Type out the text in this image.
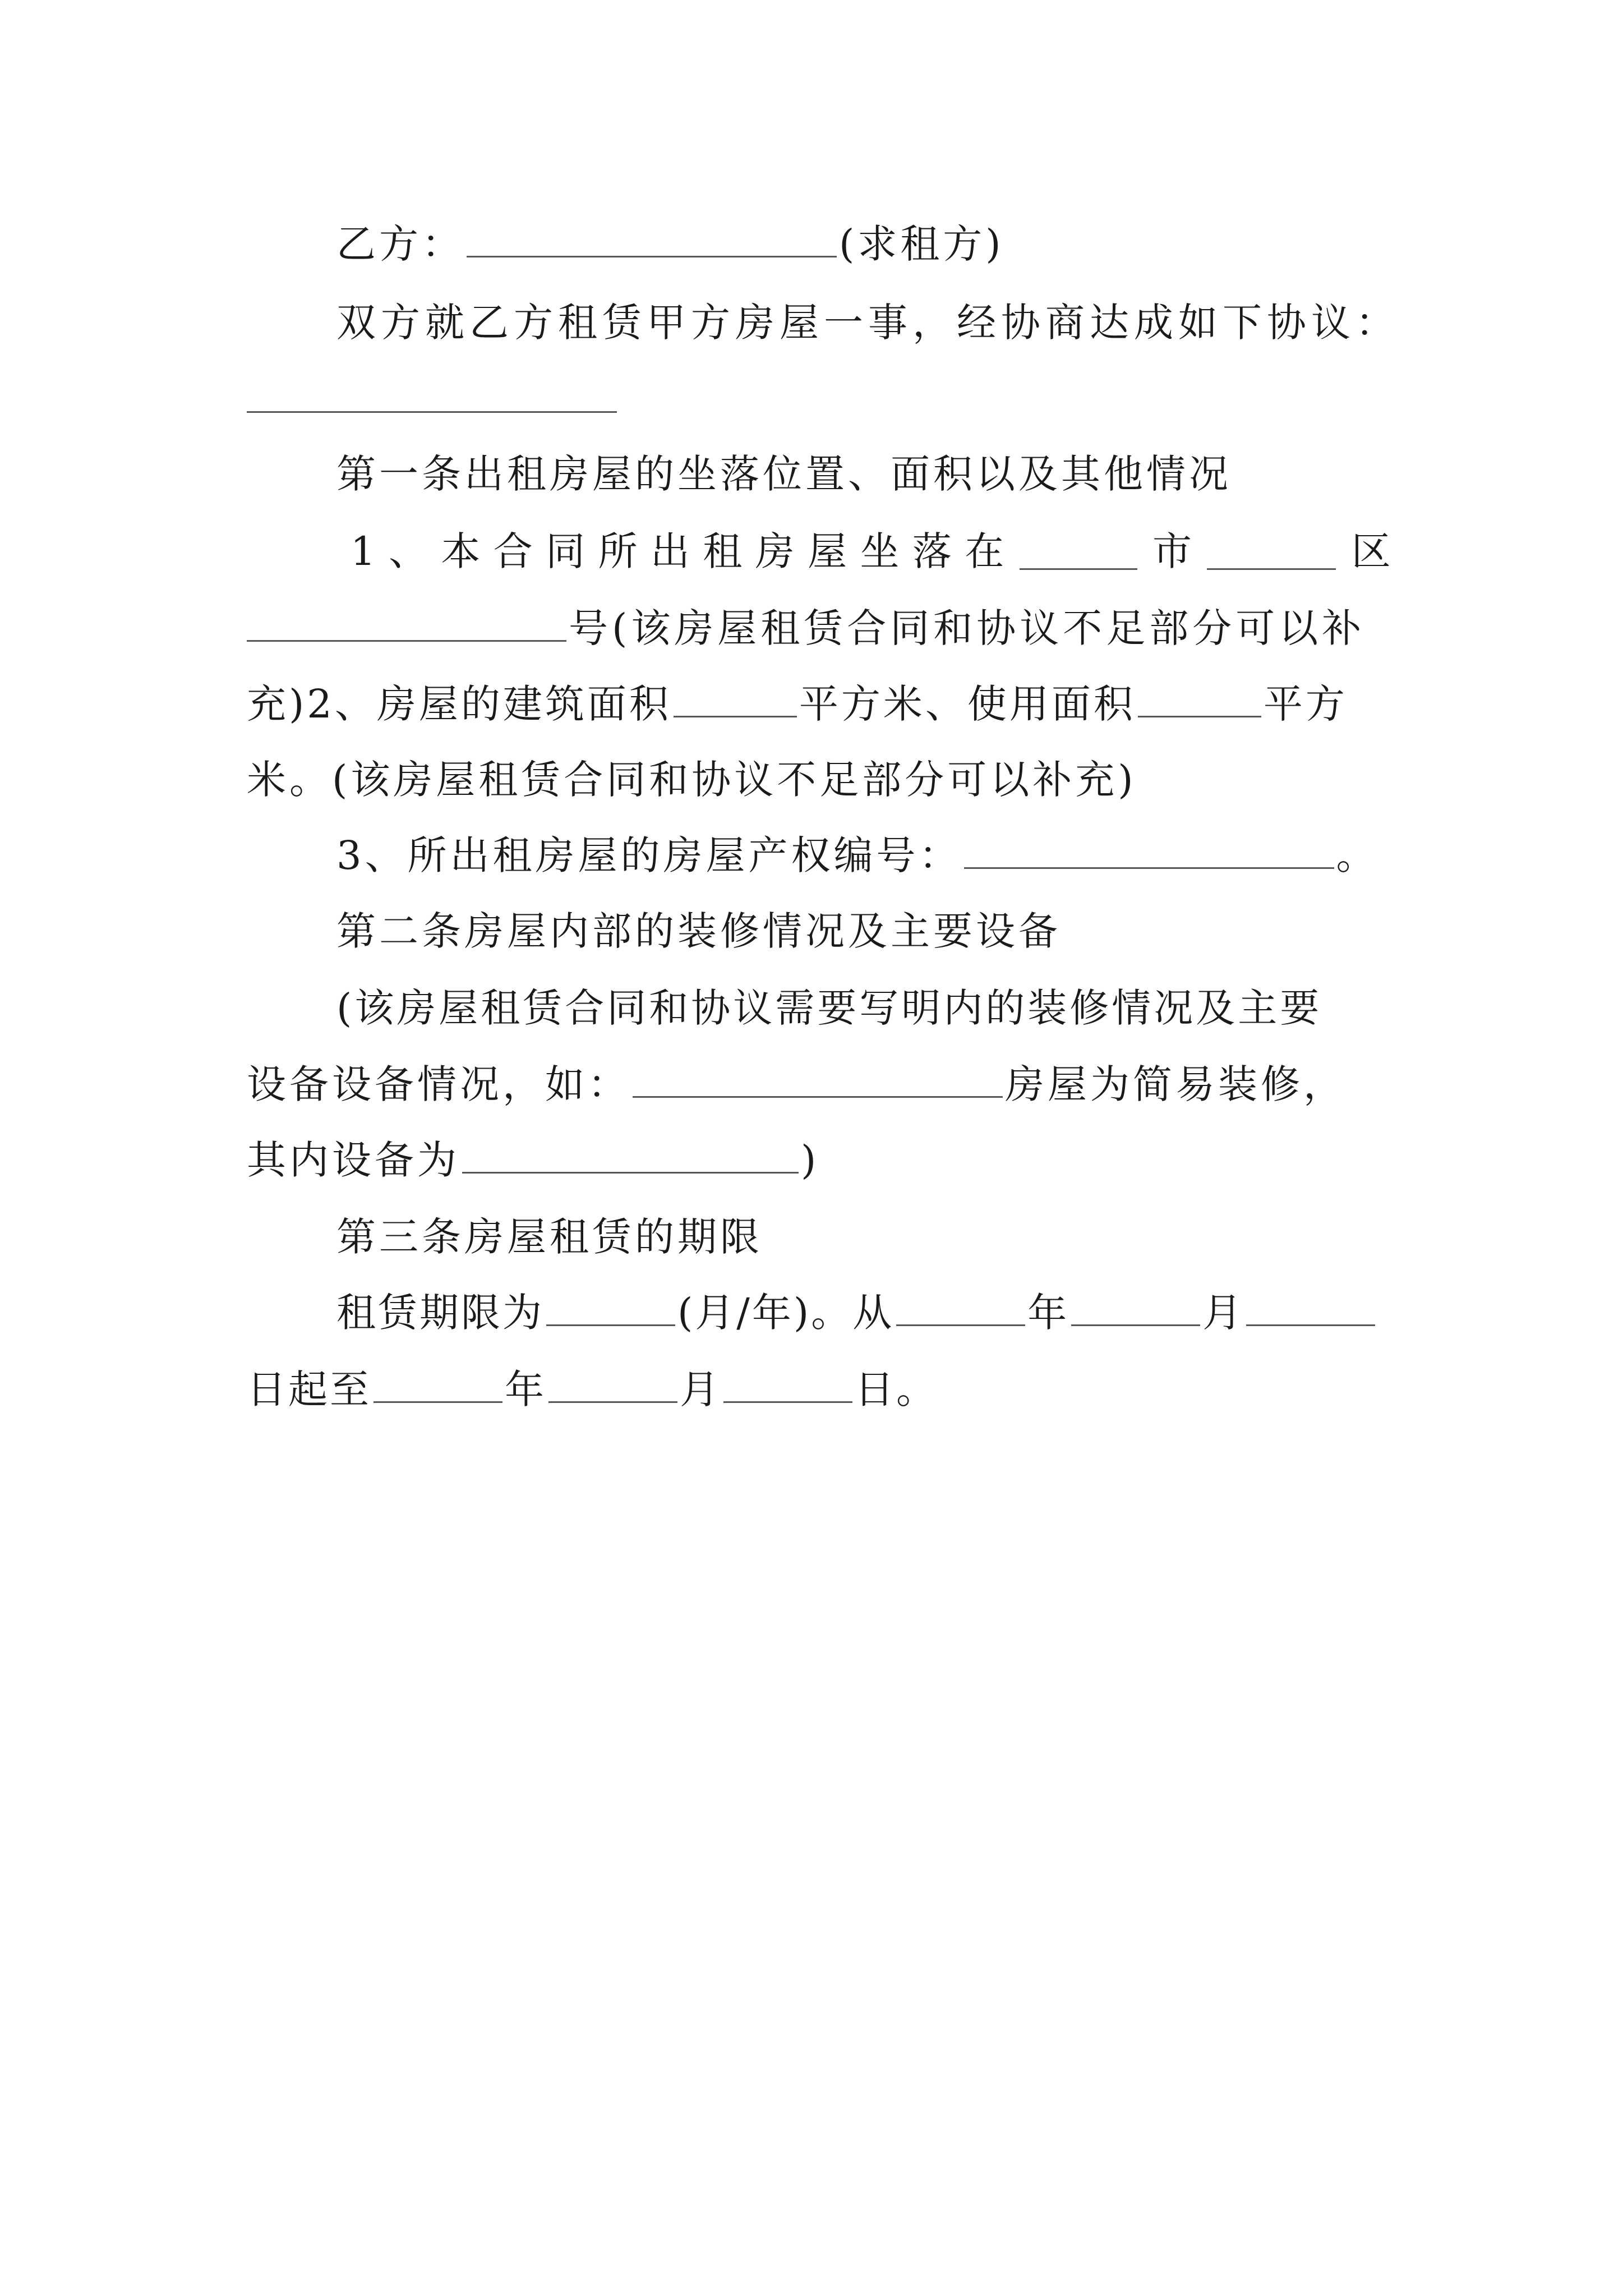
乙方：	(求租方)
双方就乙方租赁甲方房屋一事，经协商达成如下协议：
第一条出租房屋的坐落位置、面积以及其他情况
1 、 本 合 同 所 出 租 房 屋 坐 落 在	市	区
号(该房屋租赁合同和协议不足部分可以补
充)2、房屋的建筑面积	平方米、使用面积	平方
米。(该房屋租赁合同和协议不足部分可以补充)
3、所出租房屋的房屋产权编号：	。
第二条房屋内部的装修情况及主要设备
(该房屋租赁合同和协议需要写明内的装修情况及主要
设备设备情况，如：	房屋为简易装修，
其内设备为	)
第三条房屋租赁的期限
租赁期限为	(月/年)。从	年	月
日起至	年	月	日。
